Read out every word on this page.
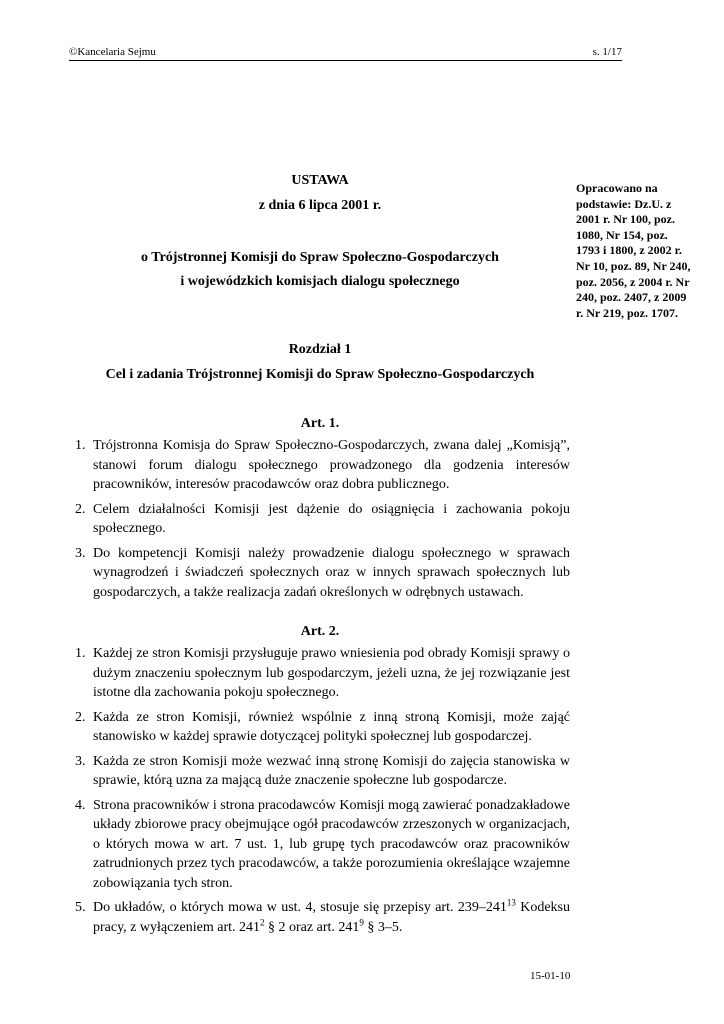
©Kancelaria Sejmu	s. 1/17
Opracowano na podstawie: Dz.U. z 2001 r. Nr 100, poz. 1080, Nr 154, poz. 1793 i 1800, z 2002 r. Nr 10, poz. 89, Nr 240, poz. 2056, z 2004 r. Nr 240, poz. 2407, z 2009 r. Nr 219, poz. 1707.
USTAWA
z dnia 6 lipca 2001 r.
o Trójstronnej Komisji do Spraw Społeczno-Gospodarczych
i wojewódzkich komisjach dialogu społecznego
Rozdział 1
Cel i zadania Trójstronnej Komisji do Spraw Społeczno-Gospodarczych
Art. 1.

1. Trójstronna Komisja do Spraw Społeczno-Gospodarczych, zwana dalej „Komisją”, stanowi forum dialogu społecznego prowadzonego dla godzenia interesów pracowników, interesów pracodawców oraz dobra publicznego.

2. Celem działalności Komisji jest dążenie do osiągnięcia i zachowania pokoju społecznego.

3. Do kompetencji Komisji należy prowadzenie dialogu społecznego w sprawach wynagrodzeń i świadczeń społecznych oraz w innych sprawach społecznych lub gospodarczych, a także realizacja zadań określonych w odrębnych ustawach.

Art. 2.

1. Każdej ze stron Komisji przysługuje prawo wniesienia pod obrady Komisji sprawy o dużym znaczeniu społecznym lub gospodarczym, jeżeli uzna, że jej rozwiązanie jest istotne dla zachowania pokoju społecznego.

2. Każda ze stron Komisji, również wspólnie z inną stroną Komisji, może zająć stanowisko w każdej sprawie dotyczącej polityki społecznej lub gospodarczej.

3. Każda ze stron Komisji może wezwać inną stronę Komisji do zajęcia stanowiska w sprawie, którą uzna za mającą duże znaczenie społeczne lub gospodarcze.

4. Strona pracowników i strona pracodawców Komisji mogą zawierać ponadzakładowe układy zbiorowe pracy obejmujące ogół pracodawców zrzeszonych w organizacjach, o których mowa w art. 7 ust. 1, lub grupę tych pracodawców oraz pracowników zatrudnionych przez tych pracodawców, a także porozumienia określające wzajemne zobowiązania tych stron.

5. Do układów, o których mowa w ust. 4, stosuje się przepisy art. $239-241^{13}$ Kodeksu pracy, z wyłączeniem art. $241^2$ § 2 oraz art. $241^9$ § 3–5.

15-01-10
